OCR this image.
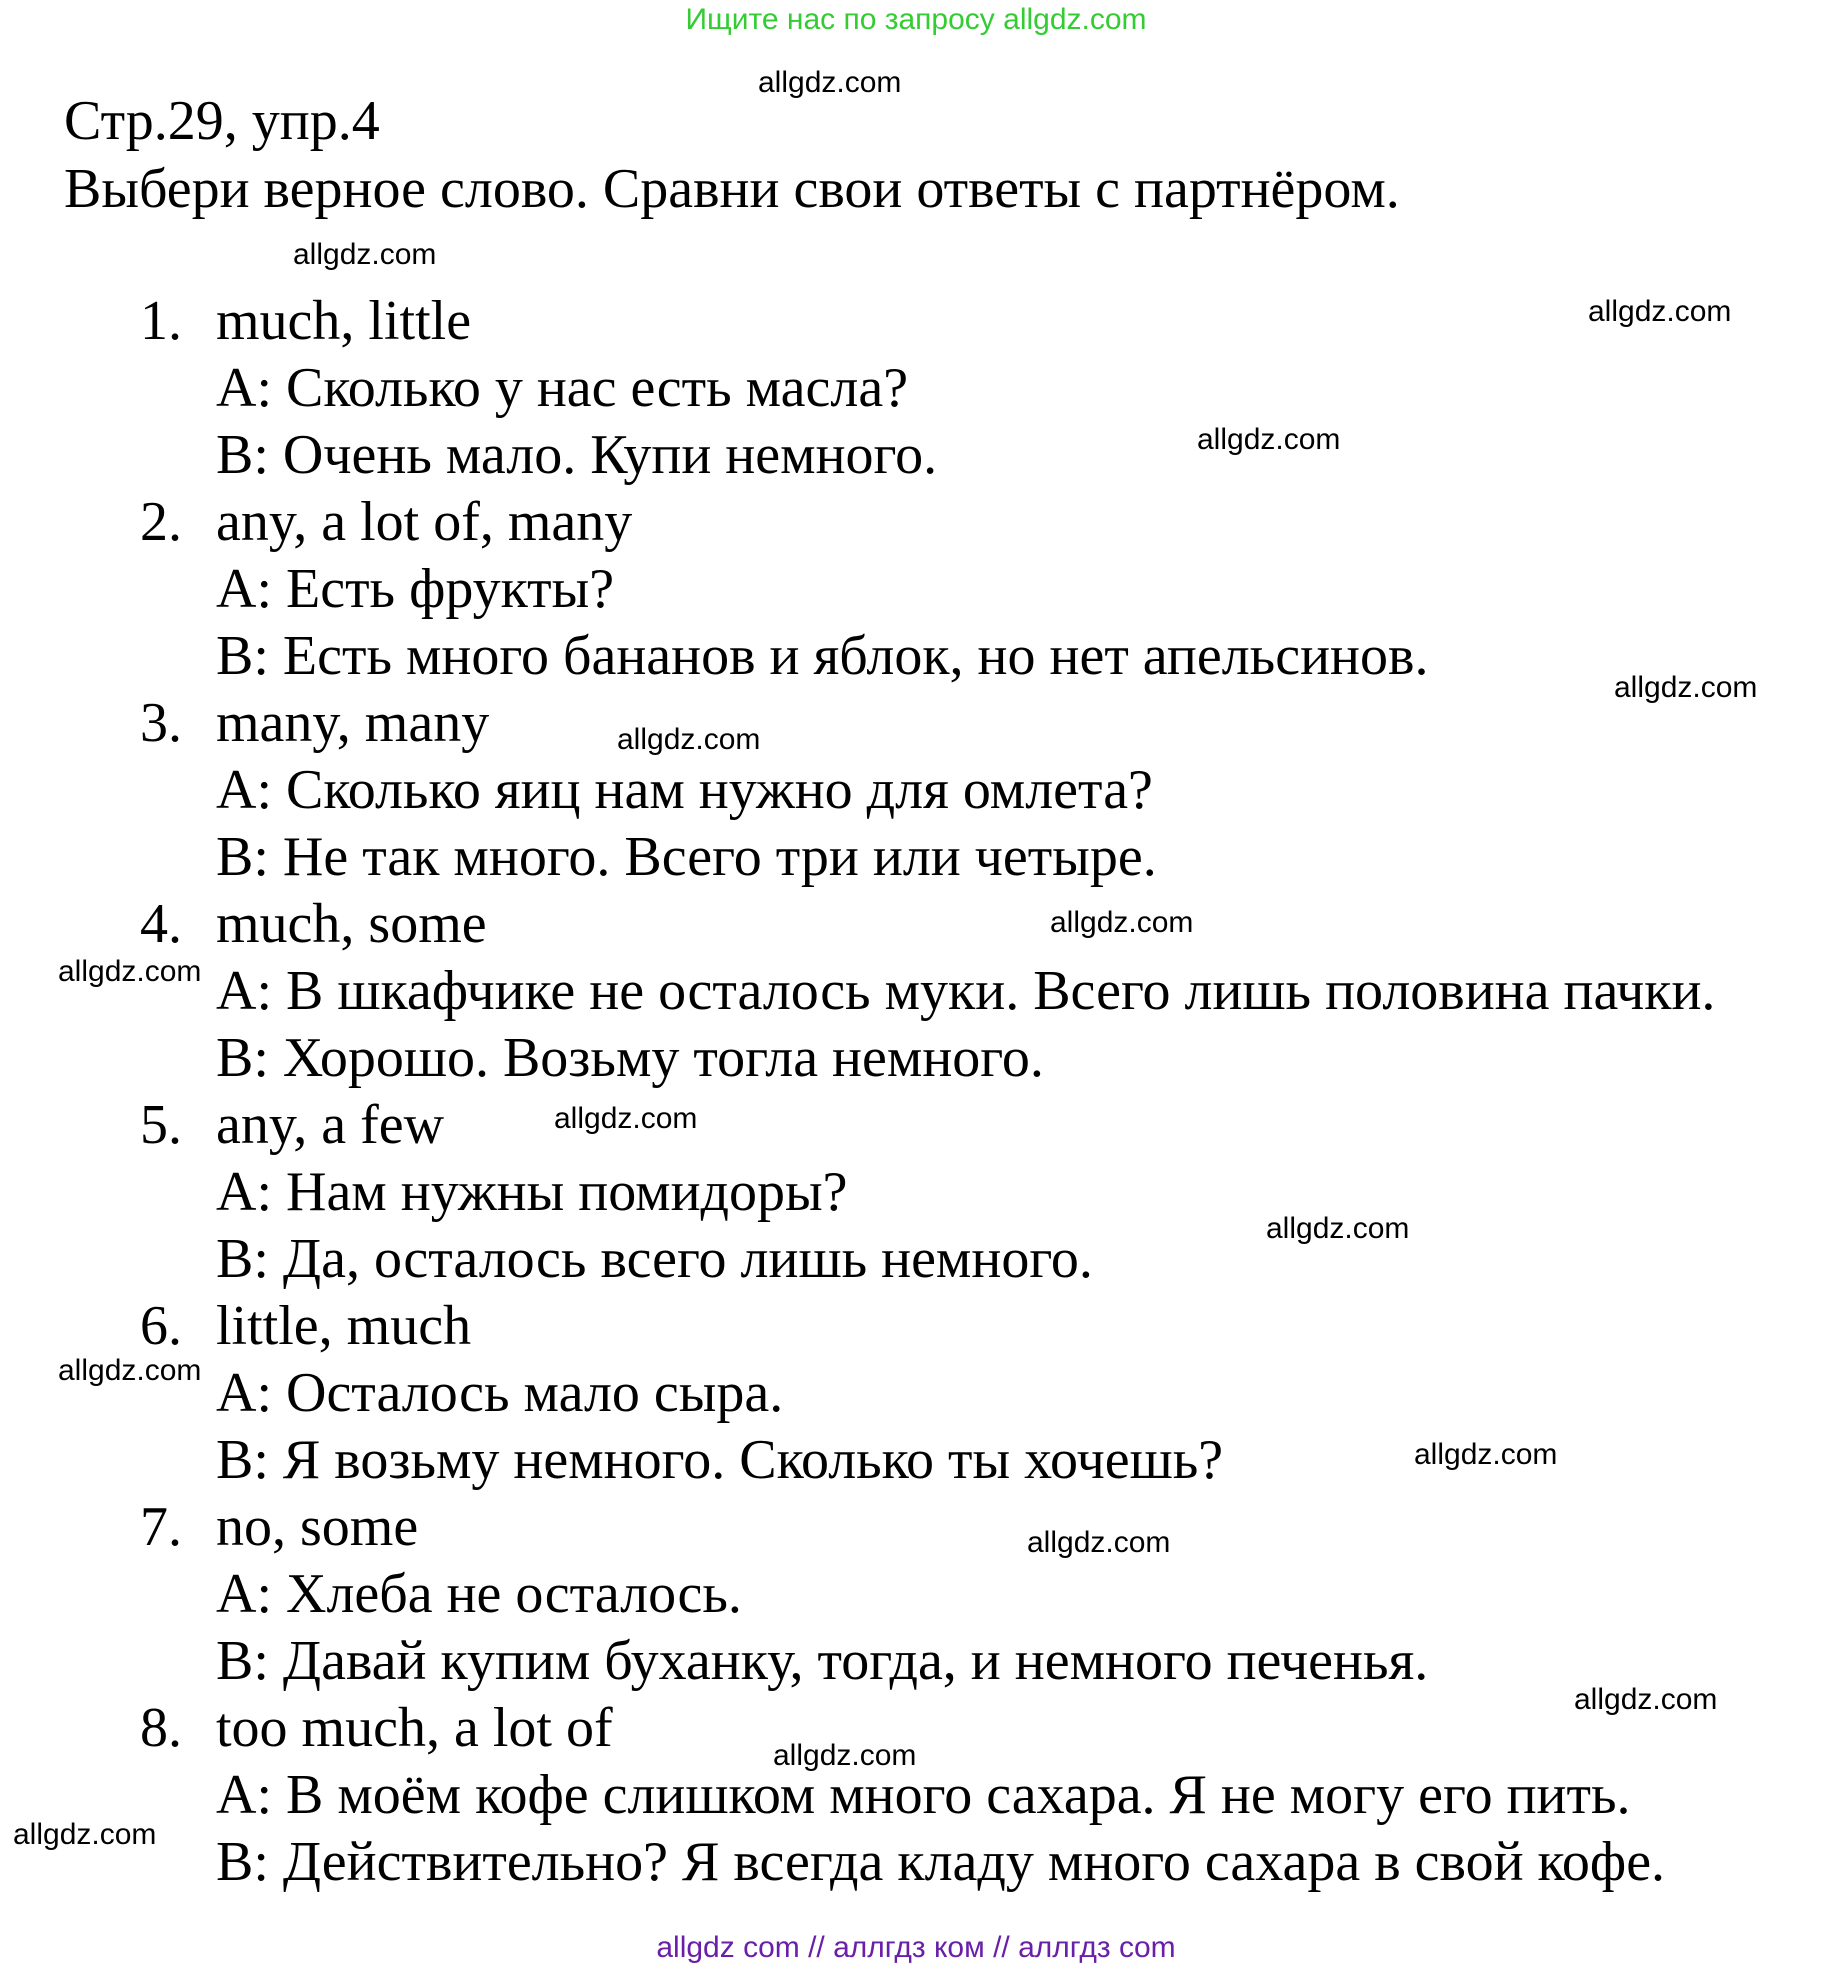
Ищите нас по запросу allgdz.com
Стр.29, упр.4
Выбери верное слово. Сравни свои ответы с партнёром.
1. much, little
A: Сколько у нас есть масла?
B: Очень мало. Купи немного.
2. any, a lot of, many
A: Есть фрукты?
B: Есть много бананов и яблок, но нет апельсинов.
3. many, many
A: Сколько яиц нам нужно для омлета?
B: Не так много. Всего три или четыре.
4. much, some
A: В шкафчике не осталось муки. Всего лишь половина пачки.
B: Хорошо. Возьму тогла немного.
5. any, a few
A: Нам нужны помидоры?
B: Да, осталось всего лишь немного.
6. little, much
A: Осталось мало сыра.
B: Я возьму немного. Сколько ты хочешь?
7. no, some
A: Хлеба не осталось.
B: Давай купим буханку, тогда, и немного печенья.
8. too much, a lot of
A: В моём кофе слишком много сахара. Я не могу его пить.
B: Действительно? Я всегда кладу много сахара в свой кофе.
allgdz.com
allgdz.com
allgdz.com
allgdz.com
allgdz.com
allgdz.com
allgdz.com
allgdz.com
allgdz.com
allgdz.com
allgdz.com
allgdz.com
allgdz.com
allgdz.com
allgdz.com
allgdz.com
allgdz com // аллгдз ком // аллгдз com
